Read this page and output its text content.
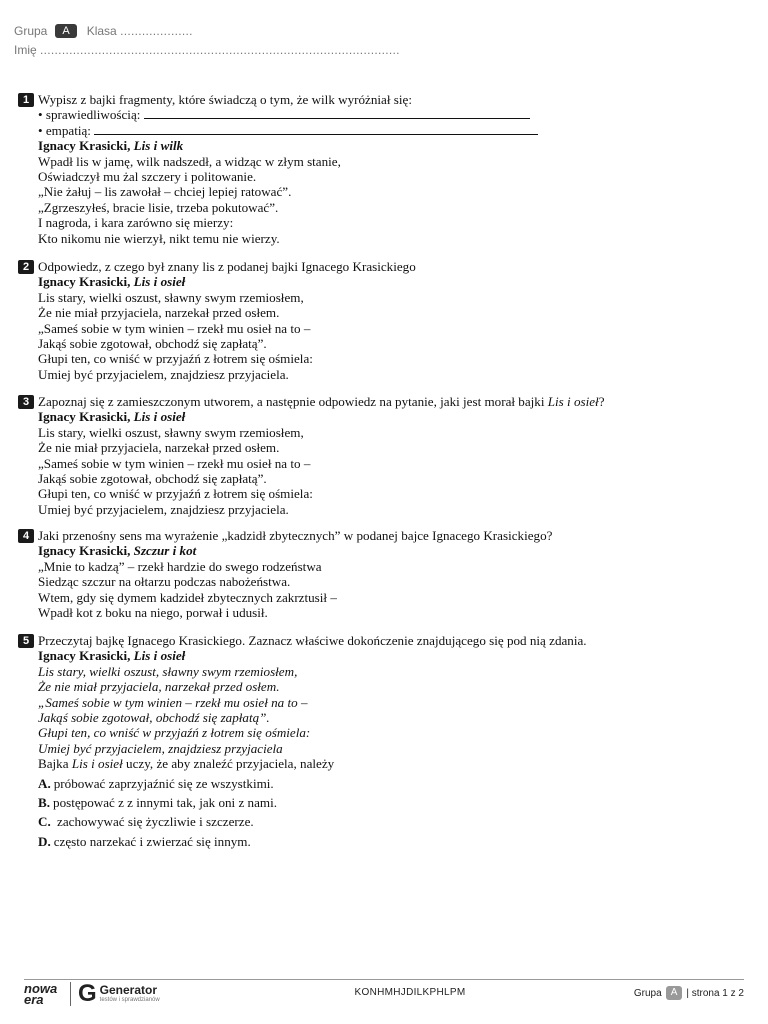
Grupa	A	Klasa
....................
Imię ...................................................................................................
1 Wypisz z bajki fragmenty, które świadczą o tym, że wilk wyróżniał się:
• sprawiedliwością:
• empatią:
Ignacy Krasicki, Lis i wilk
Wpadł lis w jamę, wilk nadszedł, a widząc w złym stanie,
Oświadczył mu żal szczery i politowanie.
„Nie żałuj – lis zawołał – chciej lepiej ratować”.
„Zgrzeszyłeś, bracie lisie, trzeba pokutować”.
I nagroda, i kara zarówno się mierzy:
Kto nikomu nie wierzył, nikt temu nie wierzy.
2 Odpowiedz, z czego był znany lis z podanej bajki Ignacego Krasickiego
Ignacy Krasicki, Lis i osieł
Lis stary, wielki oszust, sławny swym rzemiosłem,
Że nie miał przyjaciela, narzekał przed osłem.
„Sameś sobie w tym winien – rzekł mu osieł na to –
Jakąś sobie zgotował, obchodź się zapłatą”.
Głupi ten, co wniść w przyjaźń z łotrem się ośmiela:
Umiej być przyjacielem, znajdziesz przyjaciela.
3 Zapoznaj się z zamieszczonym utworem, a następnie odpowiedz na pytanie, jaki jest morał bajki Lis i osieł?
Ignacy Krasicki, Lis i osieł
Lis stary, wielki oszust, sławny swym rzemiosłem,
Że nie miał przyjaciela, narzekał przed osłem.
„Sameś sobie w tym winien – rzekł mu osieł na to –
Jakąś sobie zgotował, obchodź się zapłatą”.
Głupi ten, co wniść w przyjaźń z łotrem się ośmiela:
Umiej być przyjacielem, znajdziesz przyjaciela.
4 Jaki przenośny sens ma wyrażenie „kadzidł zbytecznych” w podanej bajce Ignacego Krasickiego?
Ignacy Krasicki, Szczur i kot
„Mnie to kadzą” – rzekł hardzie do swego rodzeństwa
Siedząc szczur na ołtarzu podczas nabożeństwa.
Wtem, gdy się dymem kadzideł zbytecznych zakrztusił –
Wpadł kot z boku na niego, porwał i udusił.
5 Przeczytaj bajkę Ignacego Krasickiego. Zaznacz właściwe dokończenie znajdującego się pod nią zdania.
Ignacy Krasicki, Lis i osieł
Lis stary, wielki oszust, sławny swym rzemiosłem,
Że nie miał przyjaciela, narzekał przed osłem.
„Sameś sobie w tym winien – rzekł mu osieł na to –
Jakąś sobie zgotował, obchodź się zapłatą”.
Głupi ten, co wniść w przyjaźń z łotrem się ośmiela:
Umiej być przyjacielem, znajdziesz przyjaciela
Bajka Lis i osieł uczy, że aby znaleźć przyjaciela, należy
A. próbować zaprzyjaźnić się ze wszystkimi.
B. postępować z z innymi tak, jak oni z nami.
C. zachowywać się życzliwie i szczerze.
D. często narzekać i zwierzać się innym.
nowa
era	G Generator
testów i sprawdzianów
KONHMHJDILKPHLPM	Grupa A | strona 1 z 2
